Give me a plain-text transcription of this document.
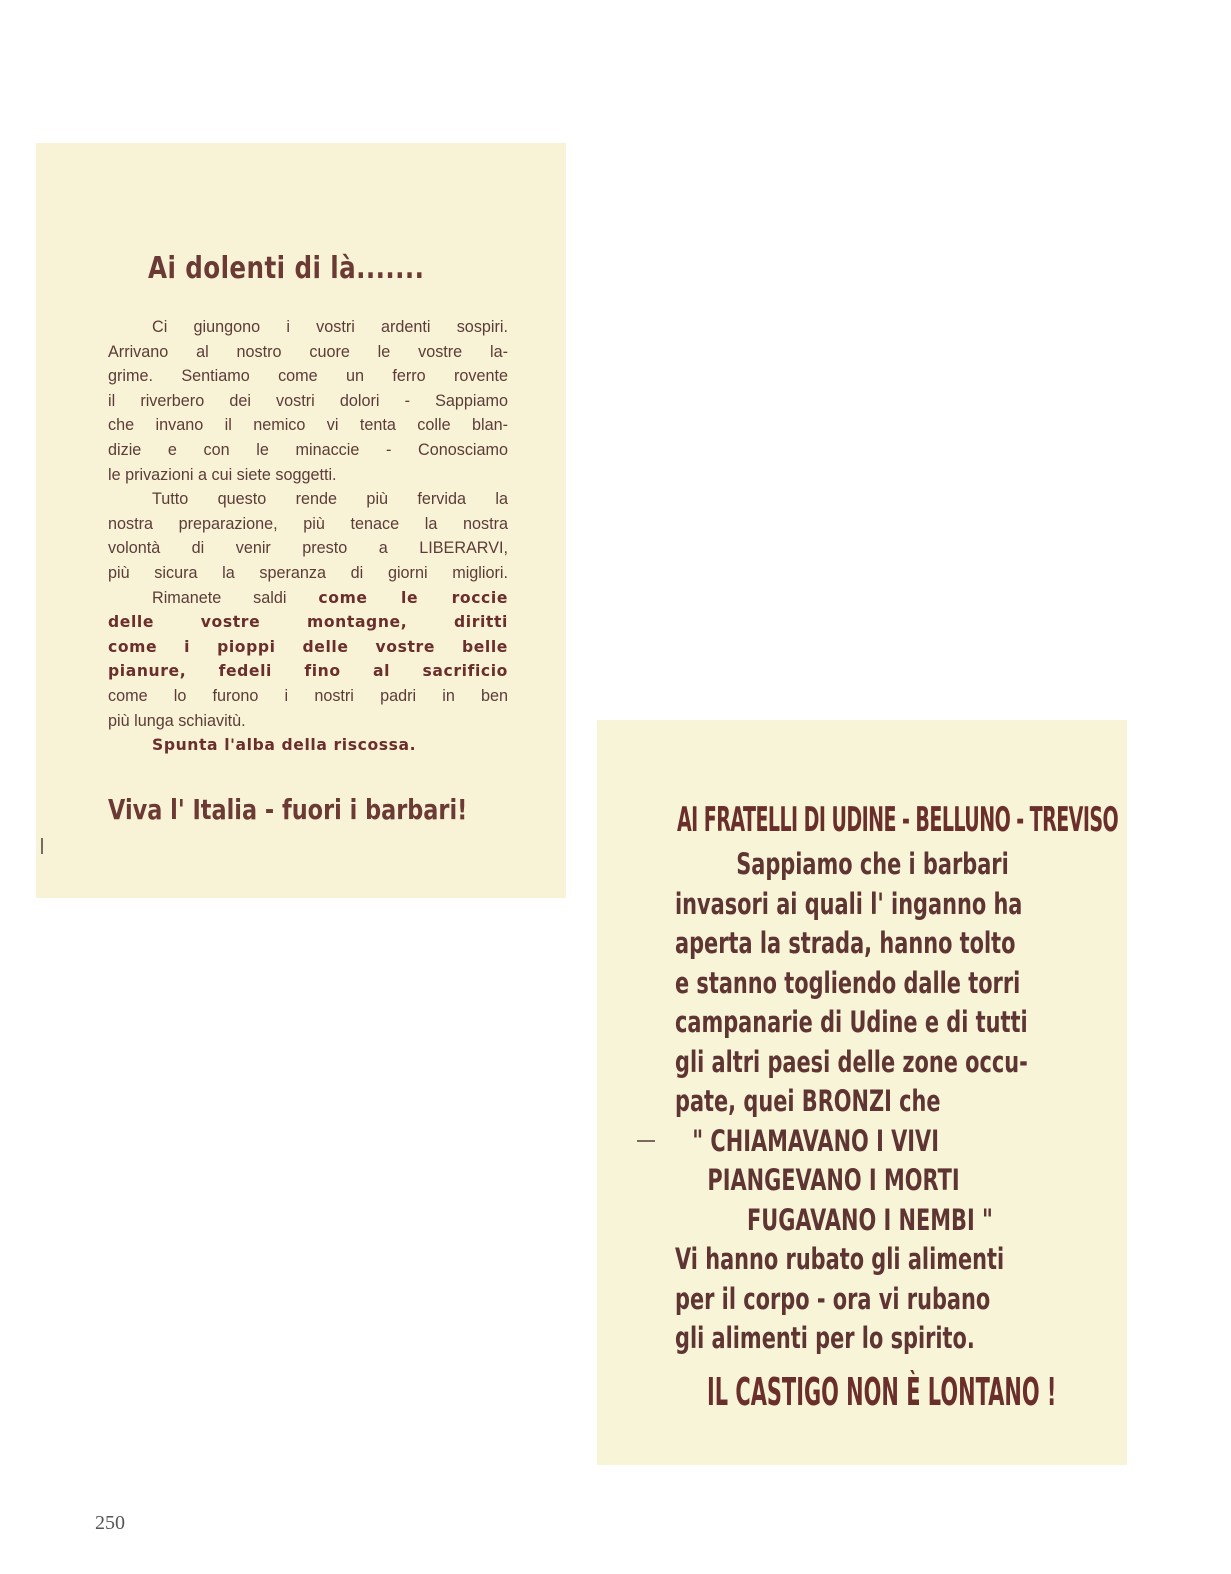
Ai dolenti di là.......
Ci giungono i vostri ardenti sospiri.
Arrivano al nostro cuore le vostre la-
grime. Sentiamo come un ferro rovente
il riverbero dei vostri dolori - Sappiamo
che invano il nemico vi tenta colle blan-
dizie e con le minaccie - Conosciamo
le privazioni a cui siete soggetti.
Tutto questo rende più fervida la
nostra preparazione, più tenace la nostra
volontà di venir presto a LIBERARVI,
più sicura la speranza di giorni migliori.
Rimanete saldi come le roccie
delle vostre montagne, diritti
come i pioppi delle vostre belle
pianure, fedeli fino al sacrificio
come lo furono i nostri padri in ben
più lunga schiavitù.
Spunta l'alba della riscossa.
Viva l' Italia - fuori i barbari!	AI FRATELLI DI UDINE - BELLUNO - TREVISO
Sappiamo che i barbari
invasori ai quali l' inganno ha
aperta la strada, hanno tolto
e stanno togliendo dalle torri
campanarie di Udine e di tutti
gli altri paesi delle zone occu-
pate, quei BRONZI che
" CHIAMAVANO I VIVI
PIANGEVANO I MORTI
FUGAVANO I NEMBI "
Vi hanno rubato gli alimenti
per il corpo - ora vi rubano
gli alimenti per lo spirito.
IL CASTIGO NON È LONTANO !
250
